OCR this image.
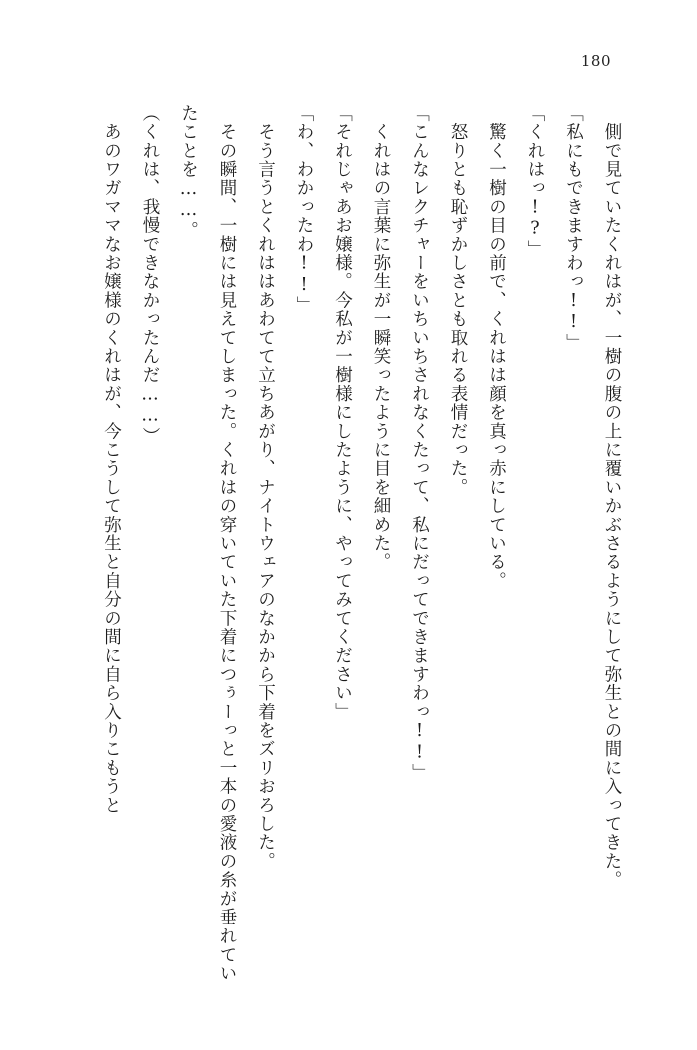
180

　側で見ていたくれはが、一樹の腹の上に覆いかぶさるようにして弥生との間に入ってきた。

「私にもできますわっ!!」

「くれはっ!?」

　驚く一樹の目の前で、くれはは顔を真っ赤にしている。

　怒りとも恥ずかしさとも取れる表情だった。

「こんなレクチャーをいちいちされなくたって、私にだってできますわっ!!」

　くれはの言葉に弥生が一瞬笑ったように目を細めた。

「それじゃあお嬢様。今私が一樹様にしたように、やってみてください」

「わ、わかったわ!!」

　そう言うとくれははあわてて立ちあがり、ナイトウェアのなかから下着をズリおろした。

　その瞬間、一樹には見えてしまった。くれはの穿いていた下着につぅーっと一本の愛液の糸が垂れていたことを……。

（くれは、我慢できなかったんだ……）

　あのワガママなお嬢様のくれはが、今こうして弥生と自分の間に自ら入りこもうと
